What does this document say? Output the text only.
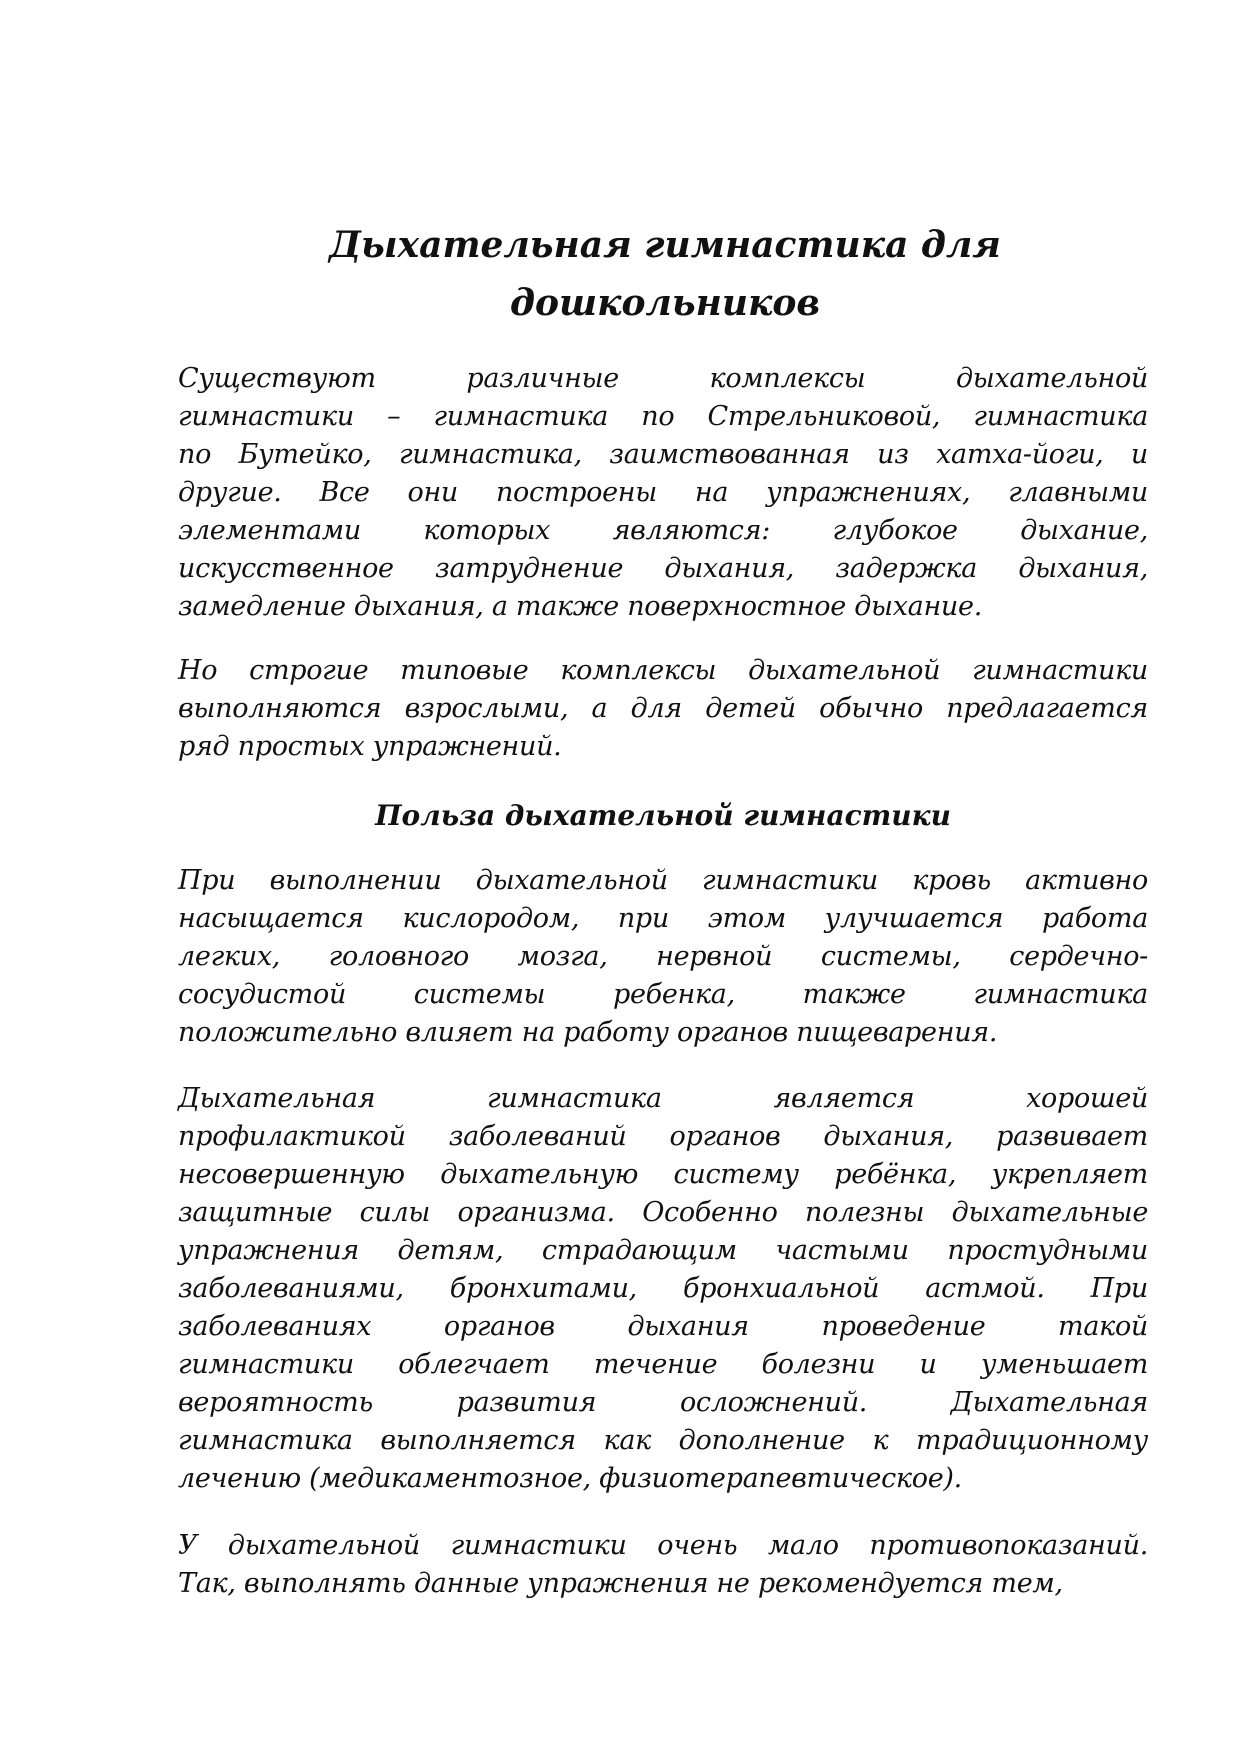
Дыхательная гимнастика для
дошкольников
Существуют различные комплексы дыхательной
гимнастики – гимнастика по Стрельниковой, гимнастика
по Бутейко, гимнастика, заимствованная из хатха-йоги, и
другие. Все они построены на упражнениях, главными
элементами которых являются: глубокое дыхание,
искусственное затруднение дыхания, задержка дыхания,
замедление дыхания, а также поверхностное дыхание.
Но строгие типовые комплексы дыхательной гимнастики
выполняются взрослыми, а для детей обычно предлагается
ряд простых упражнений.
Польза дыхательной гимнастики
При выполнении дыхательной гимнастики кровь активно
насыщается кислородом, при этом улучшается работа
легких, головного мозга, нервной системы, сердечно-
сосудистой системы ребенка, также гимнастика
положительно влияет на работу органов пищеварения.
Дыхательная гимнастика является хорошей
профилактикой заболеваний органов дыхания, развивает
несовершенную дыхательную систему ребёнка, укрепляет
защитные силы организма. Особенно полезны дыхательные
упражнения детям, страдающим частыми простудными
заболеваниями, бронхитами, бронхиальной астмой. При
заболеваниях органов дыхания проведение такой
гимнастики облегчает течение болезни и уменьшает
вероятность развития осложнений. Дыхательная
гимнастика выполняется как дополнение к традиционному
лечению (медикаментозное, физиотерапевтическое).
У дыхательной гимнастики очень мало противопоказаний.
Так, выполнять данные упражнения не рекомендуется тем,
